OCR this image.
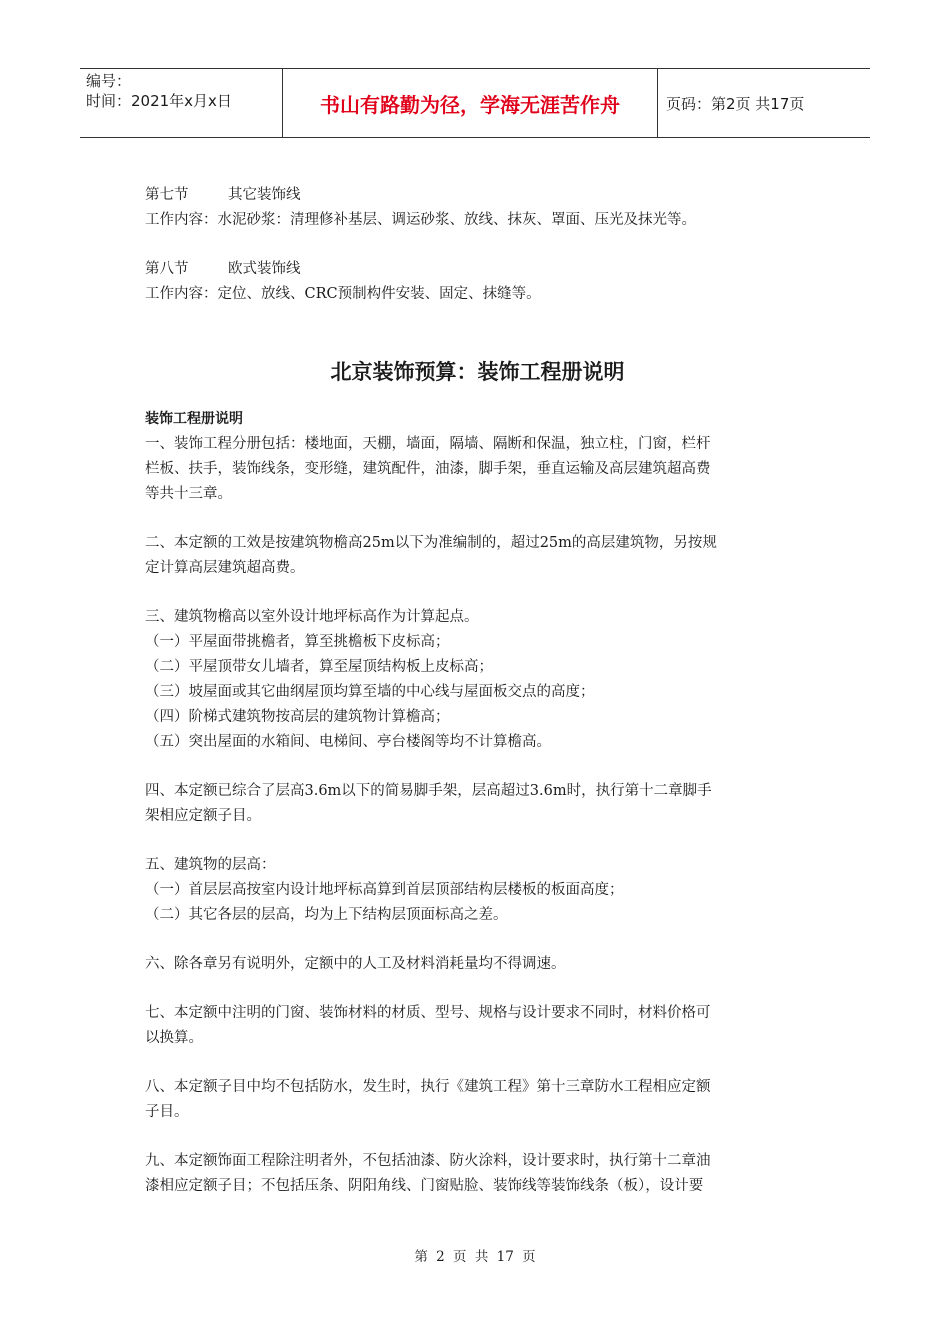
编号：
时间：2021年x月x日	书山有路勤为径，学海无涯苦作舟	页码：第2页 共17页
第七节	其它装饰线
工作内容：水泥砂浆：清理修补基层、调运砂浆、放线、抹灰、罩面、压光及抹光等。
第八节	欧式装饰线
工作内容：定位、放线、CRC预制构件安装、固定、抹缝等。
北京装饰预算：装饰工程册说明
装饰工程册说明
一、装饰工程分册包括：楼地面，天棚，墙面，隔墙、隔断和保温，独立柱，门窗，栏杆
栏板、扶手，装饰线条，变形缝，建筑配件，油漆，脚手架，垂直运输及高层建筑超高费
等共十三章。
二、本定额的工效是按建筑物檐高25m以下为准编制的，超过25m的高层建筑物，另按规
定计算高层建筑超高费。
三、建筑物檐高以室外设计地坪标高作为计算起点。
（一）平屋面带挑檐者，算至挑檐板下皮标高；
（二）平屋顶带女儿墙者，算至屋顶结构板上皮标高；
（三）坡屋面或其它曲纲屋顶均算至墙的中心线与屋面板交点的高度；
（四）阶梯式建筑物按高层的建筑物计算檐高；
（五）突出屋面的水箱间、电梯间、亭台楼阁等均不计算檐高。
四、本定额已综合了层高3.6m以下的简易脚手架，层高超过3.6m时，执行第十二章脚手
架相应定额子目。
五、建筑物的层高：
（一）首层层高按室内设计地坪标高算到首层顶部结构层楼板的板面高度；
（二）其它各层的层高，均为上下结构层顶面标高之差。
六、除各章另有说明外，定额中的人工及材料消耗量均不得调速。
七、本定额中注明的门窗、装饰材料的材质、型号、规格与设计要求不同时，材料价格可
以换算。
八、本定额子目中均不包括防水，发生时，执行《建筑工程》第十三章防水工程相应定额
子目。
九、本定额饰面工程除注明者外，不包括油漆、防火涂料，设计要求时，执行第十二章油
漆相应定额子目；不包括压条、阴阳角线、门窗贴脸、装饰线等装饰线条（板），设计要
第 2 页 共 17 页
